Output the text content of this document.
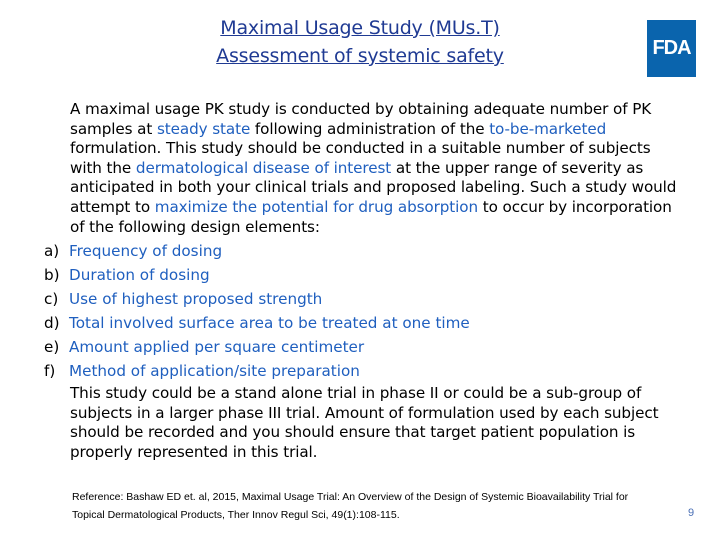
Maximal Usage Study (MUs.T)
Assessment of systemic safety	FDA
A maximal usage PK study is conducted by obtaining adequate number of PK samples at steady state following administration of the to-be-marketed formulation. This study should be conducted in a suitable number of subjects with the dermatological disease of interest at the upper range of severity as anticipated in both your clinical trials and proposed labeling. Such a study would attempt to maximize the potential for drug absorption to occur by incorporation of the following design elements:
a) Frequency of dosing
b) Duration of dosing
c) Use of highest proposed strength
d) Total involved surface area to be treated at one time
e) Amount applied per square centimeter
f) Method of application/site preparation
This study could be a stand alone trial in phase II or could be a sub-group of subjects in a larger phase III trial. Amount of formulation used by each subject should be recorded and you should ensure that target patient population is properly represented in this trial.
Reference: Bashaw ED et. al, 2015, Maximal Usage Trial: An Overview of the Design of Systemic Bioavailability Trial for Topical Dermatological Products, Ther Innov Regul Sci, 49(1):108-115.	9
